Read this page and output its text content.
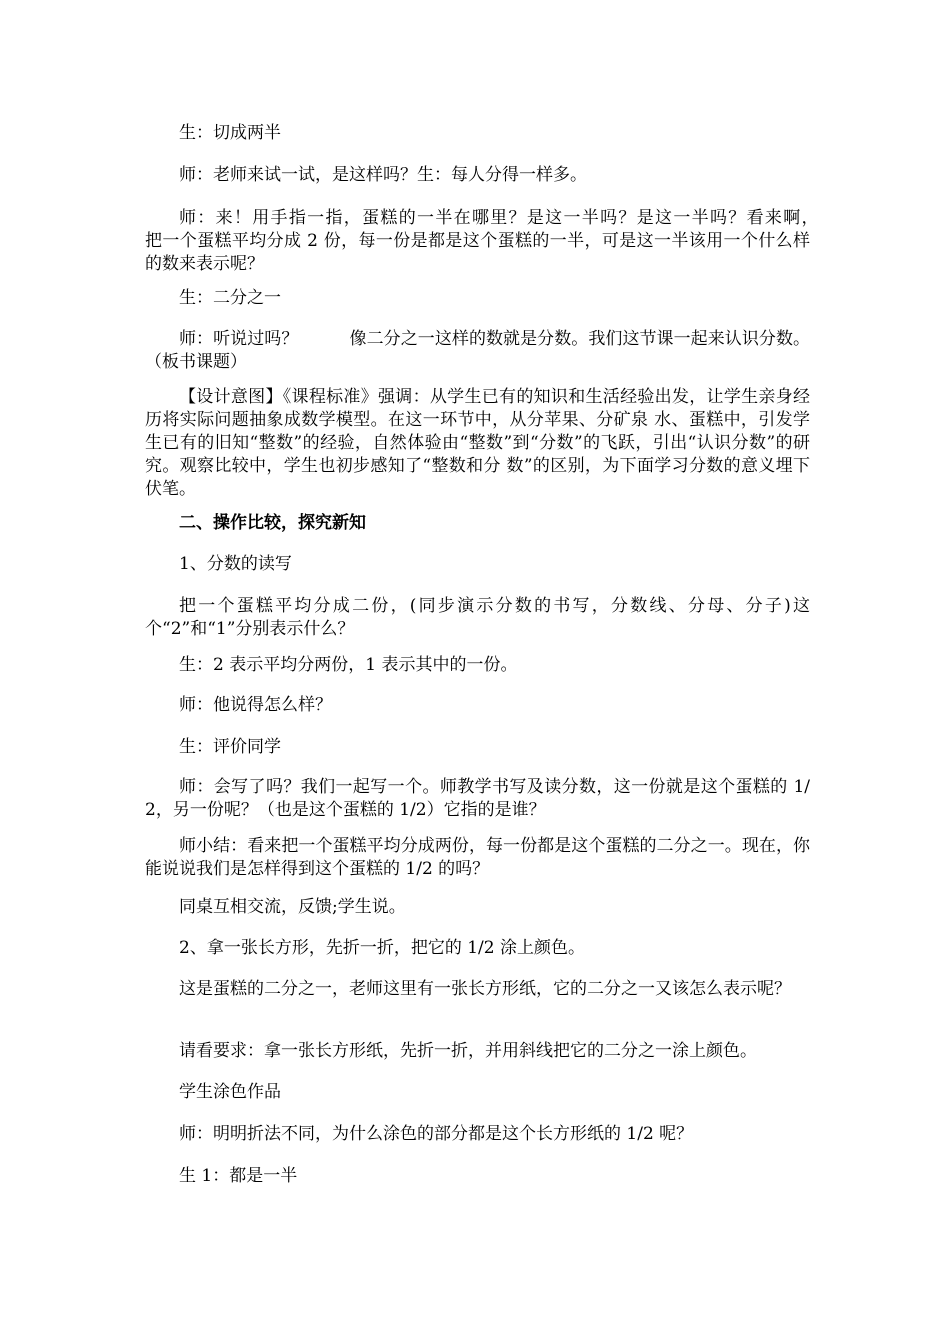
生：切成两半

师：老师来试一试，是这样吗？生：每人分得一样多。

师：来！用手指一指，蛋糕的一半在哪里？是这一半吗？是这一半吗？看来啊，　　把一个蛋糕平均分成 2 份，每一份是都是这个蛋糕的一半，可是这一半该用一个什么样的数来表示呢？

生：二分之一

师：听说过吗？　　　像二分之一这样的数就是分数。我们这节课一起来认识分数。（板书课题）

【设计意图】《课程标准》强调：从学生已有的知识和生活经验出发，让学生亲身经历将实际问题抽象成数学模型。在这一环节中，从分苹果、分矿泉 水、蛋糕中，引发学生已有的旧知“整数”的经验，自然体验由“整数”到“分数”的飞跃，引出“认识分数”的研究。观察比较中，学生也初步感知了“整数和分 数”的区别，为下面学习分数的意义埋下伏笔。

二、操作比较，探究新知

1、分数的读写

把一个蛋糕平均分成二份，(同步演示分数的书写，分数线、分母、分子)这个“2”和“1”分别表示什么？

生：2 表示平均分两份，1 表示其中的一份。

师：他说得怎么样？

生：评价同学

师：会写了吗？我们一起写一个。师教学书写及读分数，这一份就是这个蛋糕的 1/2，另一份呢？（也是这个蛋糕的 1/2）它指的是谁？

师小结：看来把一个蛋糕平均分成两份，每一份都是这个蛋糕的二分之一。现在，你能说说我们是怎样得到这个蛋糕的 1/2 的吗？

同桌互相交流，反馈;学生说。

2、拿一张长方形，先折一折，把它的 1/2 涂上颜色。

这是蛋糕的二分之一，老师这里有一张长方形纸，它的二分之一又该怎么表示呢？

请看要求：拿一张长方形纸，先折一折，并用斜线把它的二分之一涂上颜色。

学生涂色作品

师：明明折法不同，为什么涂色的部分都是这个长方形纸的 1/2 呢？

生 1：都是一半
